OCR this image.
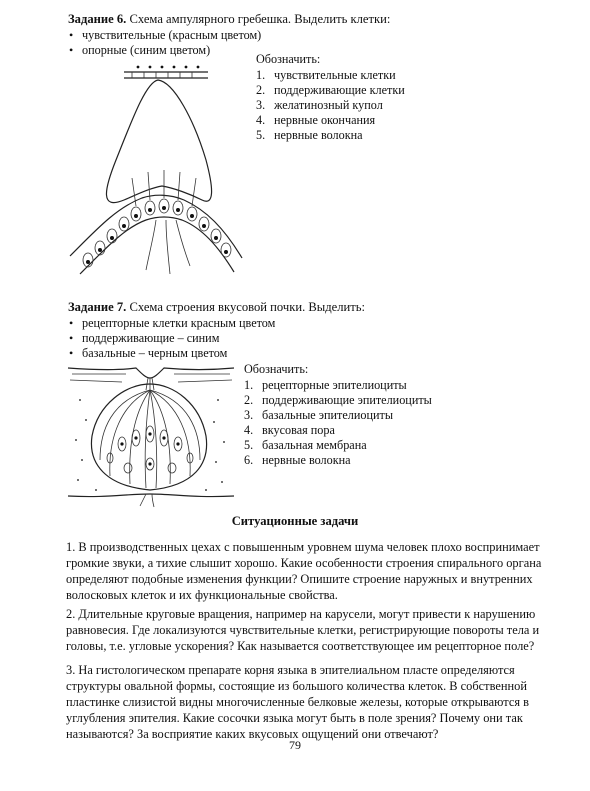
Задание 6. Схема ампулярного гребешка. Выделить клетки:
• чувствительные (красным цветом)
• опорные (синим цветом)
Обозначить:
1. чувствительные клетки
2. поддерживающие клетки
3. желатинозный купол
4. нервные окончания
5. нервные волокна
Задание 7. Схема строения вкусовой почки. Выделить:
• рецепторные клетки красным цветом
• поддерживающие – синим
• базальные – черным цветом
Обозначить:
1. рецепторные эпителиоциты
2. поддерживающие эпителиоциты
3. базальные эпителиоциты
4. вкусовая пора
5. базальная мембрана
6. нервные волокна
Ситуационные задачи
1. В производственных цехах с повышенным уровнем шума человек плохо воспринимает
громкие звуки, а тихие слышит хорошо. Какие особенности строения спирального органа
определяют подобные изменения функции? Опишите строение наружных и внутренних
волосковых клеток и их функциональные свойства.
2. Длительные круговые вращения, например на карусели, могут привести к нарушению
равновесия. Где локализуются чувствительные клетки, регистрирующие повороты тела и
головы, т.е. угловые ускорения? Как называется соответствующее им рецепторное поле?
3. На гистологическом препарате корня языка в эпителиальном пласте определяются
структуры овальной формы, состоящие из большого количества клеток. В собственной
пластинке слизистой видны многочисленные белковые железы, которые открываются в
углубления эпителия. Какие сосочки языка могут быть в поле зрения? Почему они так
называются? За восприятие каких вкусовых ощущений они отвечают?
79
